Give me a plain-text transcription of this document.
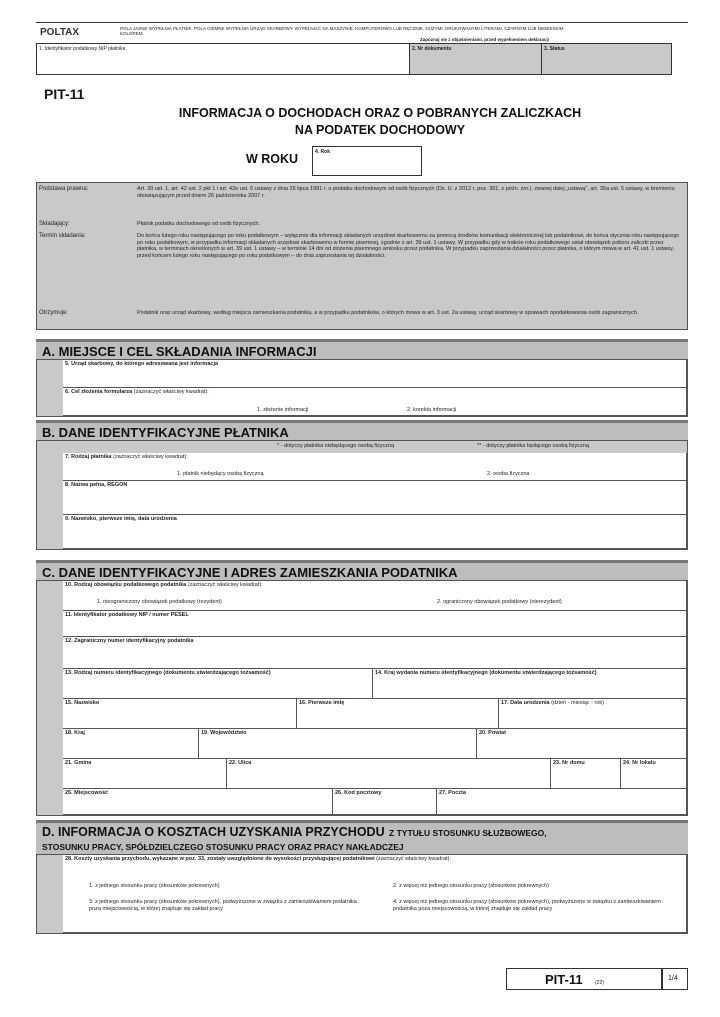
POLTAX	POLA JASNE WYPEŁNIA PŁATNIK. POLA CIEMNE WYPEŁNIA URZĄD SKARBOWY. WYPEŁNIAĆ NA MASZYNIE, KOMPUTEROWO LUB RĘCZNIE, DUŻYMI, DRUKOWANYMI LITERAMI, CZARNYM LUB NIEBIESKIM KOLOREM.
Zapoznaj się z objaśnieniami, przed wypełnieniem deklaracji
1. Identyfikator podatkowy NIP płatnika	2. Nr dokumentu	3. Status
PIT-11
INFORMACJA O DOCHODACH ORAZ O POBRANYCH ZALICZKACH
NA PODATEK DOCHODOWY
W ROKU	4. Rok
Podstawa prawna:	Art. 39 ust. 1, art. 42 ust. 2 pkt 1 i art. 42e ust. 6 ustawy z dnia 26 lipca 1991 r. o podatku dochodowym od osób fizycznych (Dz. U. z 2012 r. poz. 361, z późn. zm.), zwanej dalej „ustawą”, art. 35a ust. 5 ustawy, w brzmieniu obowiązującym przed dniem 26 października 2007 r.
Składający:	Płatnik podatku dochodowego od osób fizycznych.
Termin składania:	Do końca lutego roku następującego po roku podatkowym – wyłącznie dla informacji składanych urzędowi skarbowemu za pomocą środków komunikacji elektronicznej lub podatnikowi, do końca stycznia roku następującego po roku podatkowym, w przypadku informacji składanych urzędowi skarbowemu w formie pisemnej, zgodnie z art. 39 ust. 1 ustawy. W przypadku gdy w trakcie roku podatkowego ustał obowiązek poboru zaliczki przez płatnika, w terminach określonych w art. 39 ust. 1 ustawy – w terminie 14 dni od złożenia pisemnego wniosku przez podatnika. W przypadku zaprzestania działalności przez płatnika, o którym mowa w art. 41 ust. 1 ustawy, przed końcem lutego roku następującego po roku podatkowym – do dnia zaprzestania tej działalności.
Otrzymuje:	Podatnik oraz urząd skarbowy, według miejsca zamieszkania podatnika, a w przypadku podatników, o których mowa w art. 3 ust. 2a ustawy, urząd skarbowy w sprawach opodatkowania osób zagranicznych.
A. MIEJSCE I CEL SKŁADANIA INFORMACJI
5. Urząd skarbowy, do którego adresowana jest informacja
6. Cel złożenia formularza (zaznaczyć właściwy kwadrat):
1. złożenie informacji	2. korekta informacji
B. DANE IDENTYFIKACYJNE PŁATNIKA
* - dotyczy płatnika niebędącego osobą fizyczną	** - dotyczy płatnika będącego osobą fizyczną
7. Rodzaj płatnika (zaznaczyć właściwy kwadrat):
1. płatnik niebędący osobą fizyczną	2. osoba fizyczna
8. Nazwa pełna, REGON
9. Nazwisko, pierwsze imię, data urodzenia
C. DANE IDENTYFIKACYJNE I ADRES ZAMIESZKANIA PODATNIKA
10. Rodzaj obowiązku podatkowego podatnika (zaznaczyć właściwy kwadrat):
1. nieograniczony obowiązek podatkowy (rezydent)	2. ograniczony obowiązek podatkowy (nierezydent)
11. Identyfikator podatkowy NIP / numer PESEL
12. Zagraniczny numer identyfikacyjny podatnika
13. Rodzaj numeru identyfikacyjnego (dokumentu stwierdzającego tożsamość)	14. Kraj wydania numeru identyfikacyjnego (dokumentu stwierdzającego tożsamość)
15. Nazwisko	16. Pierwsze imię	17. Data urodzenia (dzień - miesiąc - rok)
18. Kraj	19. Województwo	20. Powiat
21. Gmina	22. Ulica	23. Nr domu	24. Nr lokalu
25. Miejscowość	26. Kod pocztowy	27. Poczta
D. INFORMACJA O KOSZTACH UZYSKANIA PRZYCHODU Z TYTUŁU STOSUNKU SŁUŻBOWEGO,
STOSUNKU PRACY, SPÓŁDZIELCZEGO STOSUNKU PRACY ORAZ PRACY NAKŁADCZEJ
28. Koszty uzyskania przychodu, wykazane w poz. 33, zostały uwzględnione do wysokości przysługującej podatnikowi (zaznaczyć właściwy kwadrat):
1. z jednego stosunku pracy (stosunków pokrewnych)	2. z więcej niż jednego stosunku pracy (stosunków pokrewnych)
3. z jednego stosunku pracy (stosunków pokrewnych), podwyższone w związku z zamieszkiwaniem podatnika poza miejscowością, w której znajduje się zakład pracy
4. z więcej niż jednego stosunku pracy (stosunków pokrewnych), podwyższone w związku z zamieszkiwaniem podatnika poza miejscowością, w której znajduje się zakład pracy
PIT-11 (22)
1/4
